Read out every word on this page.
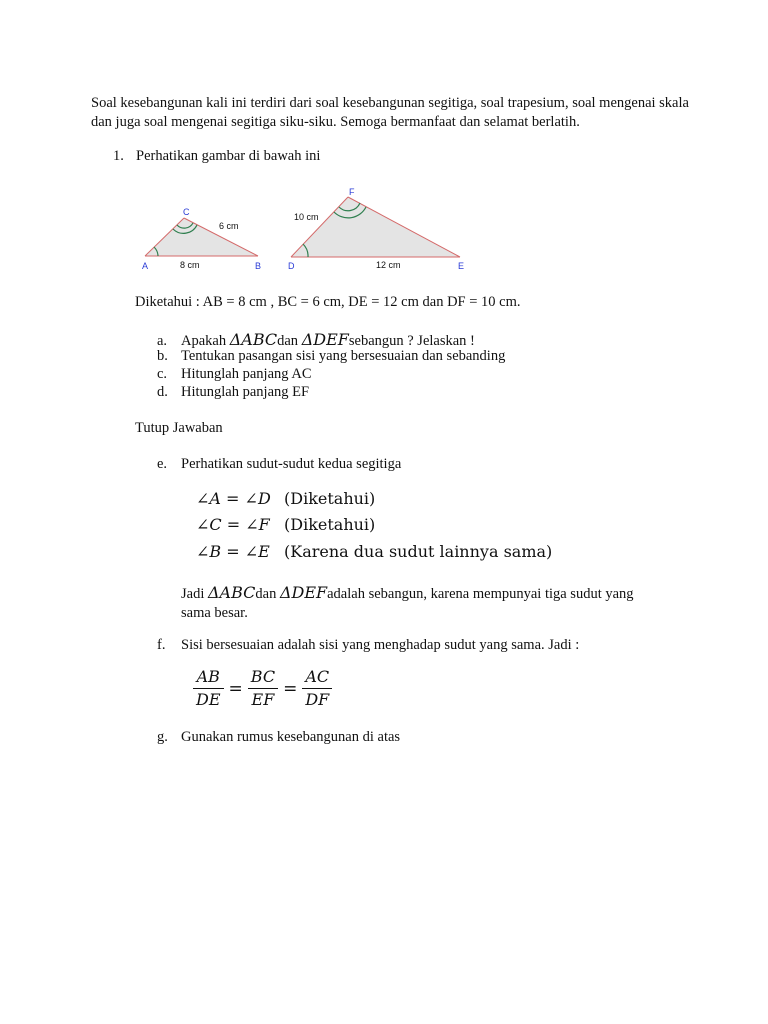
Soal kesebangunan kali ini terdiri dari soal kesebangunan segitiga, soal trapesium, soal mengenai skala dan juga soal mengenai segitiga siku-siku. Semoga bermanfaat dan selamat berlatih.
1. Perhatikan gambar di bawah ini
A	B
C
8 cm
6 cm
D	E
F
12 cm
10 cm
Diketahui : AB = 8 cm , BC = 6 cm, DE = 12 cm dan DF = 10 cm.
a. Apakah ΔABCdan ΔDEFsebangun ? Jelaskan !
b. Tentukan pasangan sisi yang bersesuaian dan sebanding
c. Hitunglah panjang AC
d. Hitunglah panjang EF
Tutup Jawaban
e. Perhatikan sudut-sudut kedua segitiga
∠A = ∠D (Diketahui)
∠C = ∠F (Diketahui)
∠B = ∠E (Karena dua sudut lainnya sama)
Jadi ΔABCdan ΔDEFadalah sebangun, karena mempunyai tiga sudut yang
sama besar.
f. Sisi bersesuaian adalah sisi yang menghadap sudut yang sama. Jadi :
$\frac{AB}{DE} = \frac{BC}{EF} = \frac{AC}{DF}$
g. Gunakan rumus kesebangunan di atas
